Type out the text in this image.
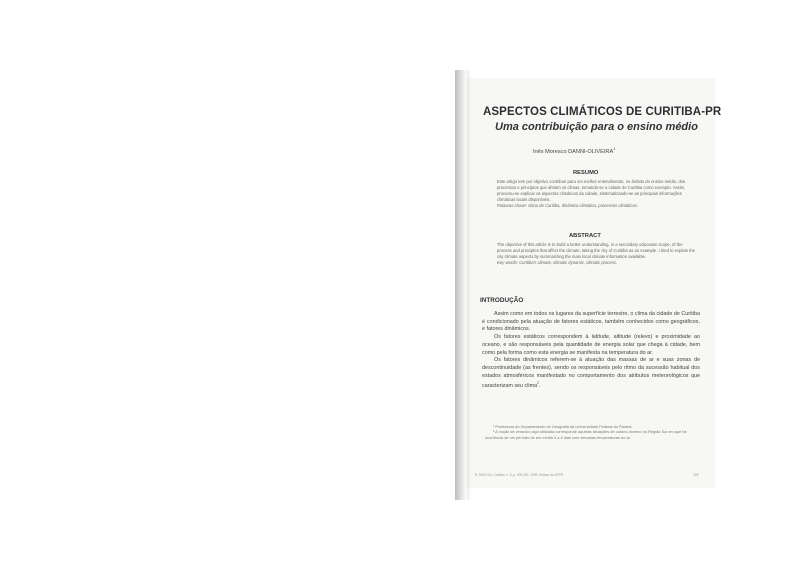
ASPECTOS CLIMÁTICOS DE CURITIBA-PR
Uma contribuição para o ensino médio
Inês Moresco DANNI-OLIVEIRA$^1$
RESUMO

Este artigo tem por objetivo contribuir para um melhor entendimento, no âmbito do ensino médio, dos processos e princípios que afetam os climas, tomando-se a cidade de Curitiba como exemplo. Assim, procurou-se explicar os aspectos climáticos da cidade, sistematizando-se as principais informações climáticas locais disponíveis.

Palavras-chave: clima de Curitiba, dinâmica climática, processos climáticos.

ABSTRACT

The objective of this article is to build a better understanding, in a secondary education scope, of the process and principles that affect the climate, taking the city of Curitiba as an example. I tried to explain the city climate aspects by summarizing the main local climate information available.

Key-words: Curitiba's climate, climatic dynamic, climatic process.

INTRODUÇÃO

Assim como em todos os lugares da superfície terrestre, o clima da cidade de Curitiba é condicionado pela atuação de fatores estáticos, também conhecidos como geográficos, e fatores dinâmicos.

Os fatores estáticos correspondem à latitude, altitude (relevo) e proximidade ao oceano, e são responsáveis pela quantidade de energia solar que chega à cidade, bem como pela forma como esta energia se manifesta na temperatura do ar.

Os fatores dinâmicos referem-se à atuação das massas de ar e suas zonas de descontinuidade (as frentes), sendo os responsáveis pelo ritmo da sucessão habitual dos estados atmosféricos manifestado no comportamento dos atributos meteorológicos que caracterizam seu clima$^2$.

¹ Professora do Departamento de Geografia da Universidade Federal do Paraná.

² A noção de veranico aqui utilizada corresponde àquelas situações de outono-inverno na Região Sul em que há ocorrência de um período de em média 3 a 4 dias com elevadas temperaturas do ar.

R. RA'E GA, Curitiba, n. 5, p. 209-262, 1999. Editora da UFPR	209
